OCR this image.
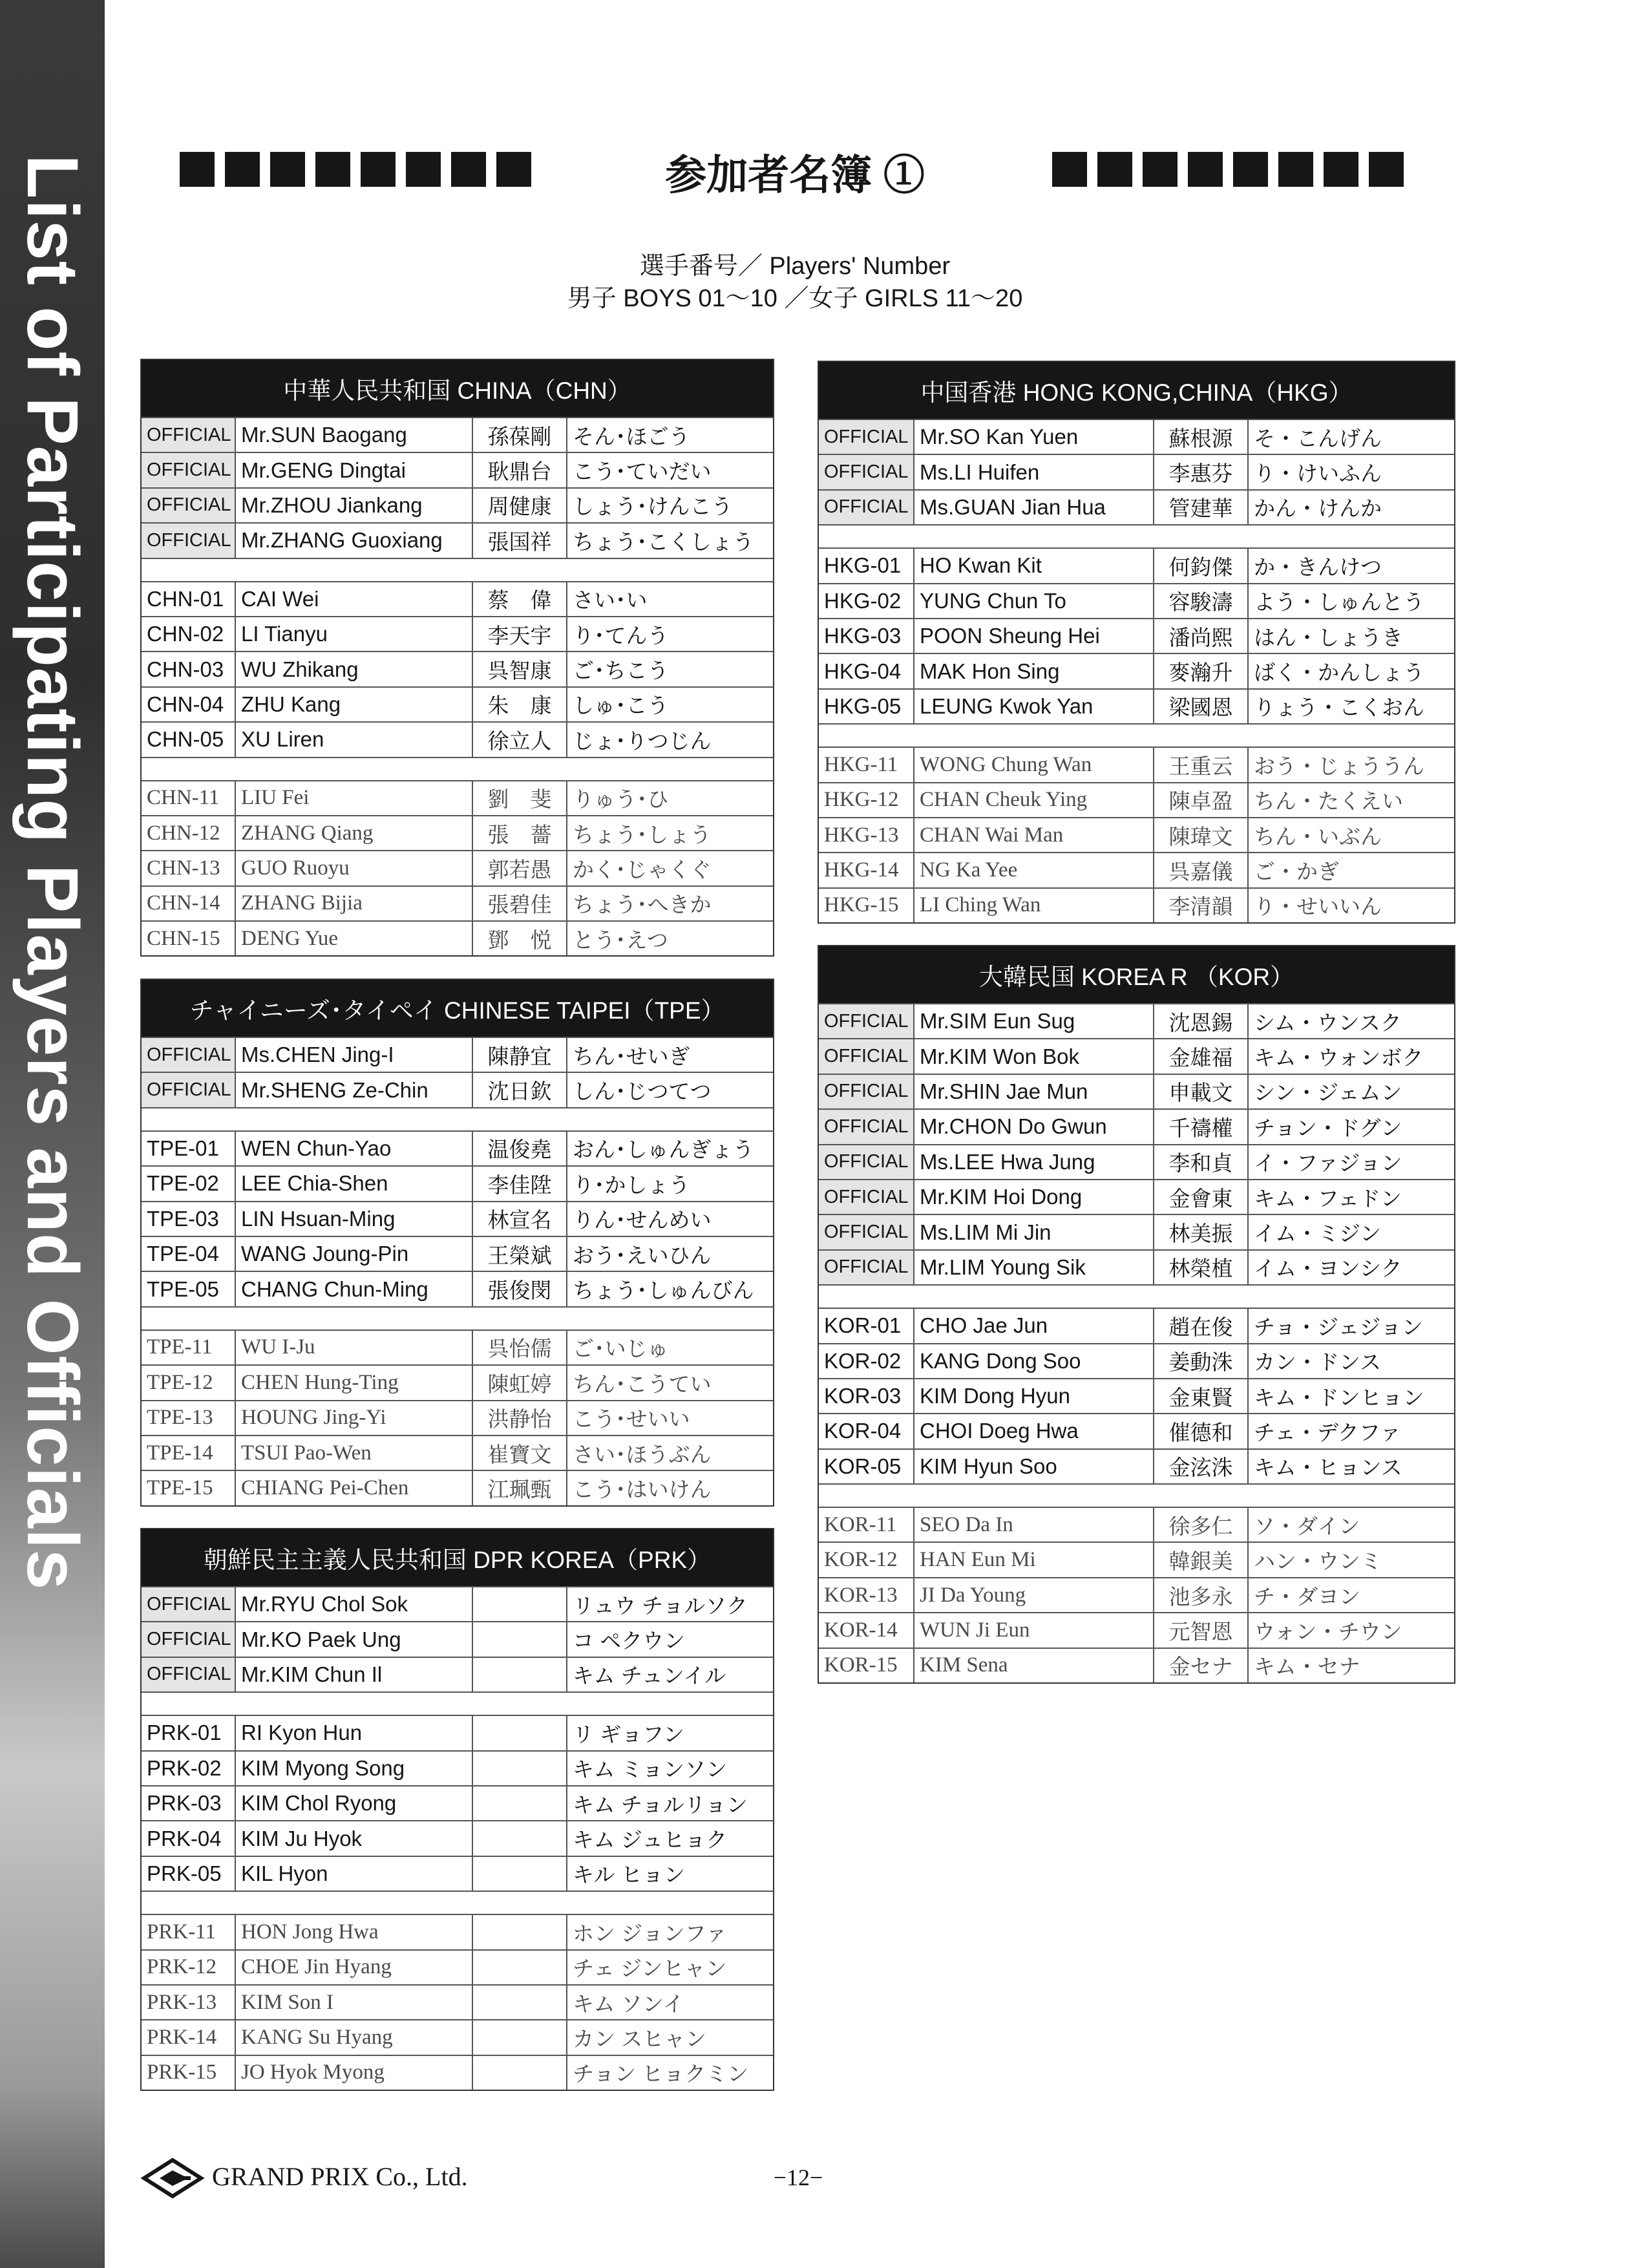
List of Participating Players and Officials	参加者名簿 ①
選手番号／ Players' Number
男子 BOYS 01～10 ／女子 GIRLS 11～20
中華人民共和国 CHINA（CHN）
OFFICIAL Mr.SUN Baogang	孫葆剛 そん･ほごう
OFFICIAL Mr.GENG Dingtai	耿鼎台 こう･ていだい
OFFICIAL Mr.ZHOU Jiankang	周健康 しょう･けんこう
OFFICIAL Mr.ZHANG Guoxiang	張国祥 ちょう･こくしょう
CHN-01 CAI Wei	蔡　偉 さい･い
CHN-02 LI Tianyu	李天宇 り･てんう
CHN-03 WU Zhikang	呉智康 ご･ちこう
CHN-04 ZHU Kang	朱　康 しゅ･こう
CHN-05 XU Liren	徐立人 じょ･りつじん
CHN-11	LIU Fei	劉　斐 りゅう･ひ
CHN-12 ZHANG Qiang	張　薔 ちょう･しょう
CHN-13 GUO Ruoyu	郭若愚 かく･じゃくぐ
CHN-14 ZHANG Bijia	張碧佳 ちょう･へきか
CHN-15 DENG Yue	鄧　悦 とう･えつ
チャイニーズ･タイペイ CHINESE TAIPEI（TPE）
OFFICIAL Ms.CHEN Jing-I	陳静宜 ちん･せいぎ
OFFICIAL Mr.SHENG Ze-Chin	沈日欽 しん･じつてつ
TPE-01	WEN Chun-Yao	温俊堯 おん･しゅんぎょう
TPE-02	LEE Chia-Shen	李佳陞 り･かしょう
TPE-03	LIN Hsuan-Ming	林宣名 りん･せんめい
TPE-04	WANG Joung-Pin	王榮斌 おう･えいひん
TPE-05	CHANG Chun-Ming	張俊閔 ちょう･しゅんびん
TPE-11	WU I-Ju	呉怡儒 ご･いじゅ
TPE-12	CHEN Hung-Ting	陳虹婷 ちん･こうてい
TPE-13	HOUNG Jing-Yi	洪静怡 こう･せいい
TPE-14	TSUI Pao-Wen	崔寶文 さい･ほうぶん
TPE-15	CHIANG Pei-Chen	江珮甄 こう･はいけん
朝鮮民主主義人民共和国 DPR KOREA（PRK）
OFFICIAL Mr.RYU Chol Sok	リュウ チョルソク
OFFICIAL Mr.KO Paek Ung	コ ペクウン
OFFICIAL Mr.KIM Chun Il	キム チュンイル
PRK-01 RI Kyon Hun	リ ギョフン
PRK-02 KIM Myong Song	キム ミョンソン
PRK-03 KIM Chol Ryong	キム チョルリョン
PRK-04 KIM Ju Hyok	キム ジュヒョク
PRK-05 KIL Hyon	キル ヒョン
PRK-11	HON Jong Hwa	ホン ジョンファ
PRK-12	CHOE Jin Hyang	チェ ジンヒャン
PRK-13	KIM Son I	キム ソンイ
PRK-14	KANG Su Hyang	カン スヒャン
PRK-15	JO Hyok Myong	チョン ヒョクミン
中国香港 HONG KONG,CHINA（HKG）
OFFICIAL Mr.SO Kan Yuen	蘇根源 そ・こんげん
OFFICIAL Ms.LI Huifen	李惠芬 り・けいふん
OFFICIAL Ms.GUAN Jian Hua	管建華 かん・けんか
HKG-01 HO Kwan Kit	何鈞傑 か・きんけつ
HKG-02 YUNG Chun To	容駿濤 よう・しゅんとう
HKG-03 POON Sheung Hei	潘尚熙 はん・しょうき
HKG-04 MAK Hon Sing	麥瀚升 ばく・かんしょう
HKG-05 LEUNG Kwok Yan	梁國恩 りょう・こくおん
HKG-11	WONG Chung Wan	王重云 おう・じょううん
HKG-12 CHAN Cheuk Ying	陳卓盈 ちん・たくえい
HKG-13 CHAN Wai Man	陳瑋文 ちん・いぶん
HKG-14 NG Ka Yee	呉嘉儀 ご・かぎ
HKG-15 LI Ching Wan	李清韻 り・せいいん
大韓民国 KOREA R （KOR）
OFFICIAL Mr.SIM Eun Sug	沈恩錫 シム・ウンスク
OFFICIAL Mr.KIM Won Bok	金雄福 キム・ウォンボク
OFFICIAL Mr.SHIN Jae Mun	申載文 シン・ジェムン
OFFICIAL Mr.CHON Do Gwun	千禱權 チョン・ドグン
OFFICIAL Ms.LEE Hwa Jung	李和貞 イ・ファジョン
OFFICIAL Mr.KIM Hoi Dong	金會東 キム・フェドン
OFFICIAL Ms.LIM Mi Jin	林美振 イム・ミジン
OFFICIAL Mr.LIM Young Sik	林榮植 イム・ヨンシク
KOR-01 CHO Jae Jun	趙在俊 チョ・ジェジョン
KOR-02 KANG Dong Soo	姜動洙 カン・ドンス
KOR-03 KIM Dong Hyun	金東賢 キム・ドンヒョン
KOR-04 CHOI Doeg Hwa	催德和 チェ・デクファ
KOR-05 KIM Hyun Soo	金泫洙 キム・ヒョンス
KOR-11	SEO Da In	徐多仁 ソ・ダイン
KOR-12	HAN Eun Mi	韓銀美 ハン・ウンミ
KOR-13	JI Da Young	池多永 チ・ダヨン
KOR-14	WUN Ji Eun	元智恩 ウォン・チウン
KOR-15	KIM Sena	金セナ キム・セナ
GRAND PRIX Co., Ltd.	−12−
